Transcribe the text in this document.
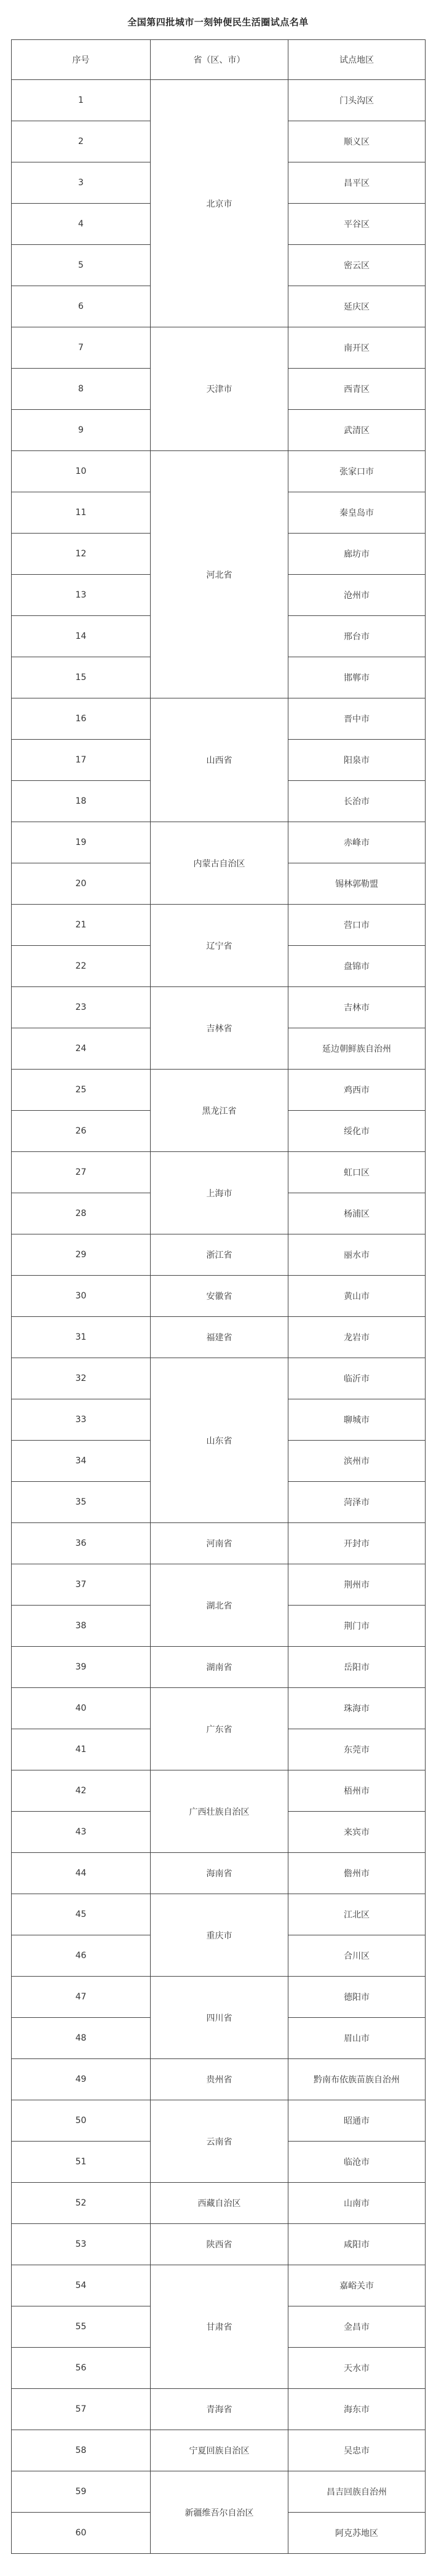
全国第四批城市一刻钟便民生活圈试点名单
序号	省（区、市）	试点地区
1	北京市	门头沟区
2		顺义区
3		昌平区
4		平谷区
5		密云区
6		延庆区
7	天津市	南开区
8		西青区
9		武清区
10	河北省	张家口市
11		秦皇岛市
12		廊坊市
13		沧州市
14		邢台市
15		邯郸市
16	山西省	晋中市
17		阳泉市
18		长治市
19	内蒙古自治区	赤峰市
20		锡林郭勒盟
21	辽宁省	营口市
22		盘锦市
23	吉林省	吉林市
24		延边朝鲜族自治州
25	黑龙江省	鸡西市
26		绥化市
27	上海市	虹口区
28		杨浦区
29	浙江省	丽水市
30	安徽省	黄山市
31	福建省	龙岩市
32	山东省	临沂市
33		聊城市
34		滨州市
35		菏泽市
36	河南省	开封市
37	湖北省	荆州市
38		荆门市
39	湖南省	岳阳市
40	广东省	珠海市
41		东莞市
42	广西壮族自治区	梧州市
43		来宾市
44	海南省	儋州市
45	重庆市	江北区
46		合川区
47	四川省	德阳市
48		眉山市
49	贵州省	黔南布依族苗族自治州
50	云南省	昭通市
51		临沧市
52	西藏自治区	山南市
53	陕西省	咸阳市
54	甘肃省	嘉峪关市
55		金昌市
56		天水市
57	青海省	海东市
58	宁夏回族自治区	吴忠市
59	新疆维吾尔自治区	昌吉回族自治州
60		阿克苏地区
